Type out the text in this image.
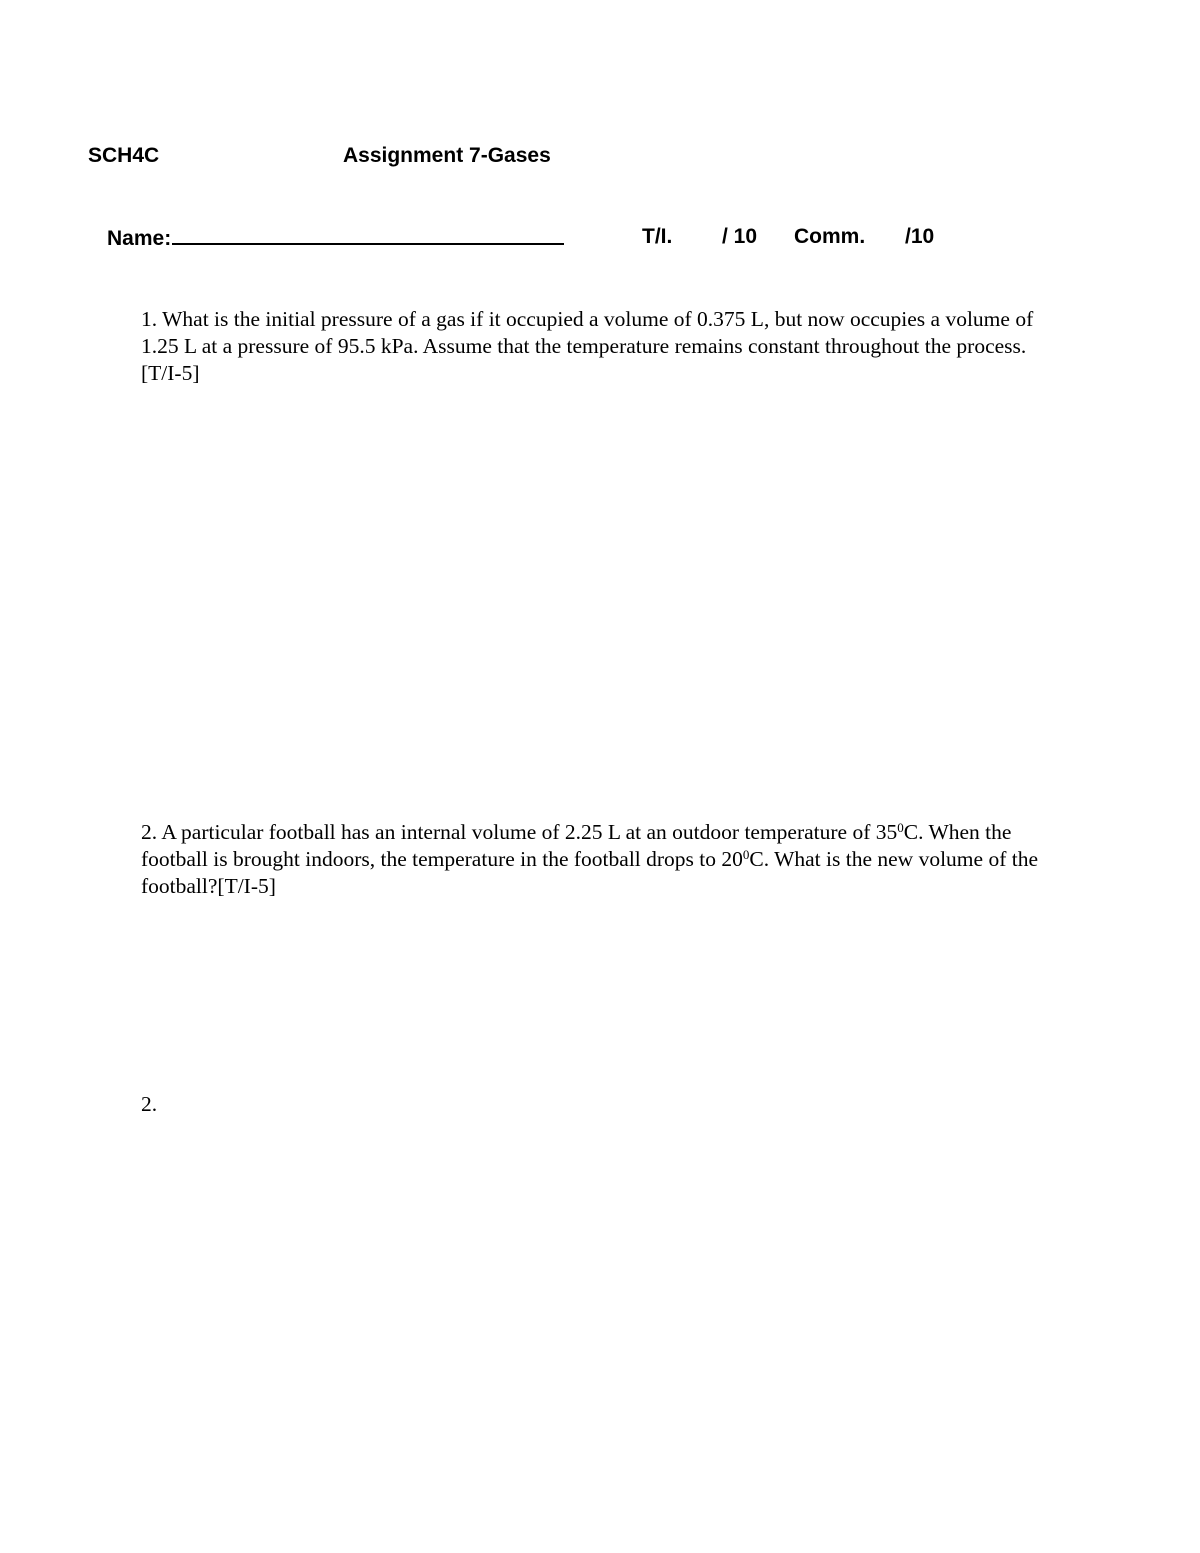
SCH4C	Assignment 7-Gases
Name:	T/I. / 10 Comm. /10
1. What is the initial pressure of a gas if it occupied a volume of 0.375 L, but now occupies a volume of 1.25 L at a pressure of 95.5 kPa. Assume that the temperature remains constant throughout the process. [T/I-5]
2. A particular football has an internal volume of 2.25 L at an outdoor temperature of $35^0C$. When the football is brought indoors, the temperature in the football drops to $20^0C$. What is the new volume of the football?[T/I-5]
2.
